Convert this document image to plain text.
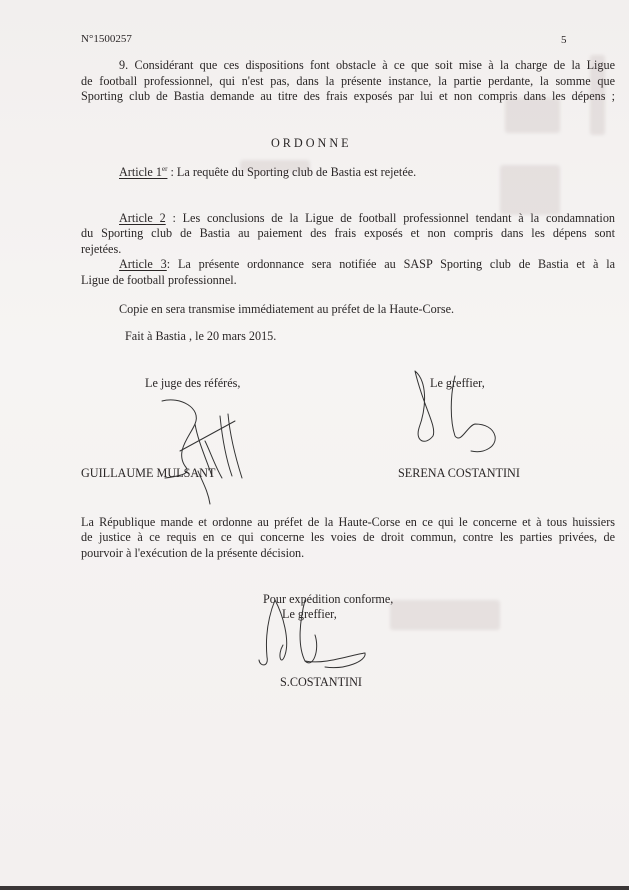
N°1500257	5
9. Considérant que ces dispositions font obstacle à ce que soit mise à la charge de la Ligue
de football professionnel, qui n'est pas, dans la présente instance, la partie perdante, la somme que
Sporting club de Bastia demande au titre des frais exposés par lui et non compris dans les dépens ;
ORDONNE
Article 1er : La requête du Sporting club de Bastia est rejetée.
Article 2 : Les conclusions de la Ligue de football professionnel tendant à la condamnation
du Sporting club de Bastia au paiement des frais exposés et non compris dans les dépens sont
rejetées.
Article 3: La présente ordonnance sera notifiée au SASP Sporting club de Bastia et à la
Ligue de football professionnel.
Copie en sera transmise immédiatement au préfet de la Haute-Corse.
Fait à Bastia , le 20 mars 2015.
Le juge des référés,	Le greffier,
GUILLAUME MULSANT	SERENA COSTANTINI
La République mande et ordonne au préfet de la Haute-Corse en ce qui le concerne et à tous huissiers
de justice à ce requis en ce qui concerne les voies de droit commun, contre les parties privées, de
pourvoir à l'exécution de la présente décision.
Pour expédition conforme,
Le greffier,
S.COSTANTINI
